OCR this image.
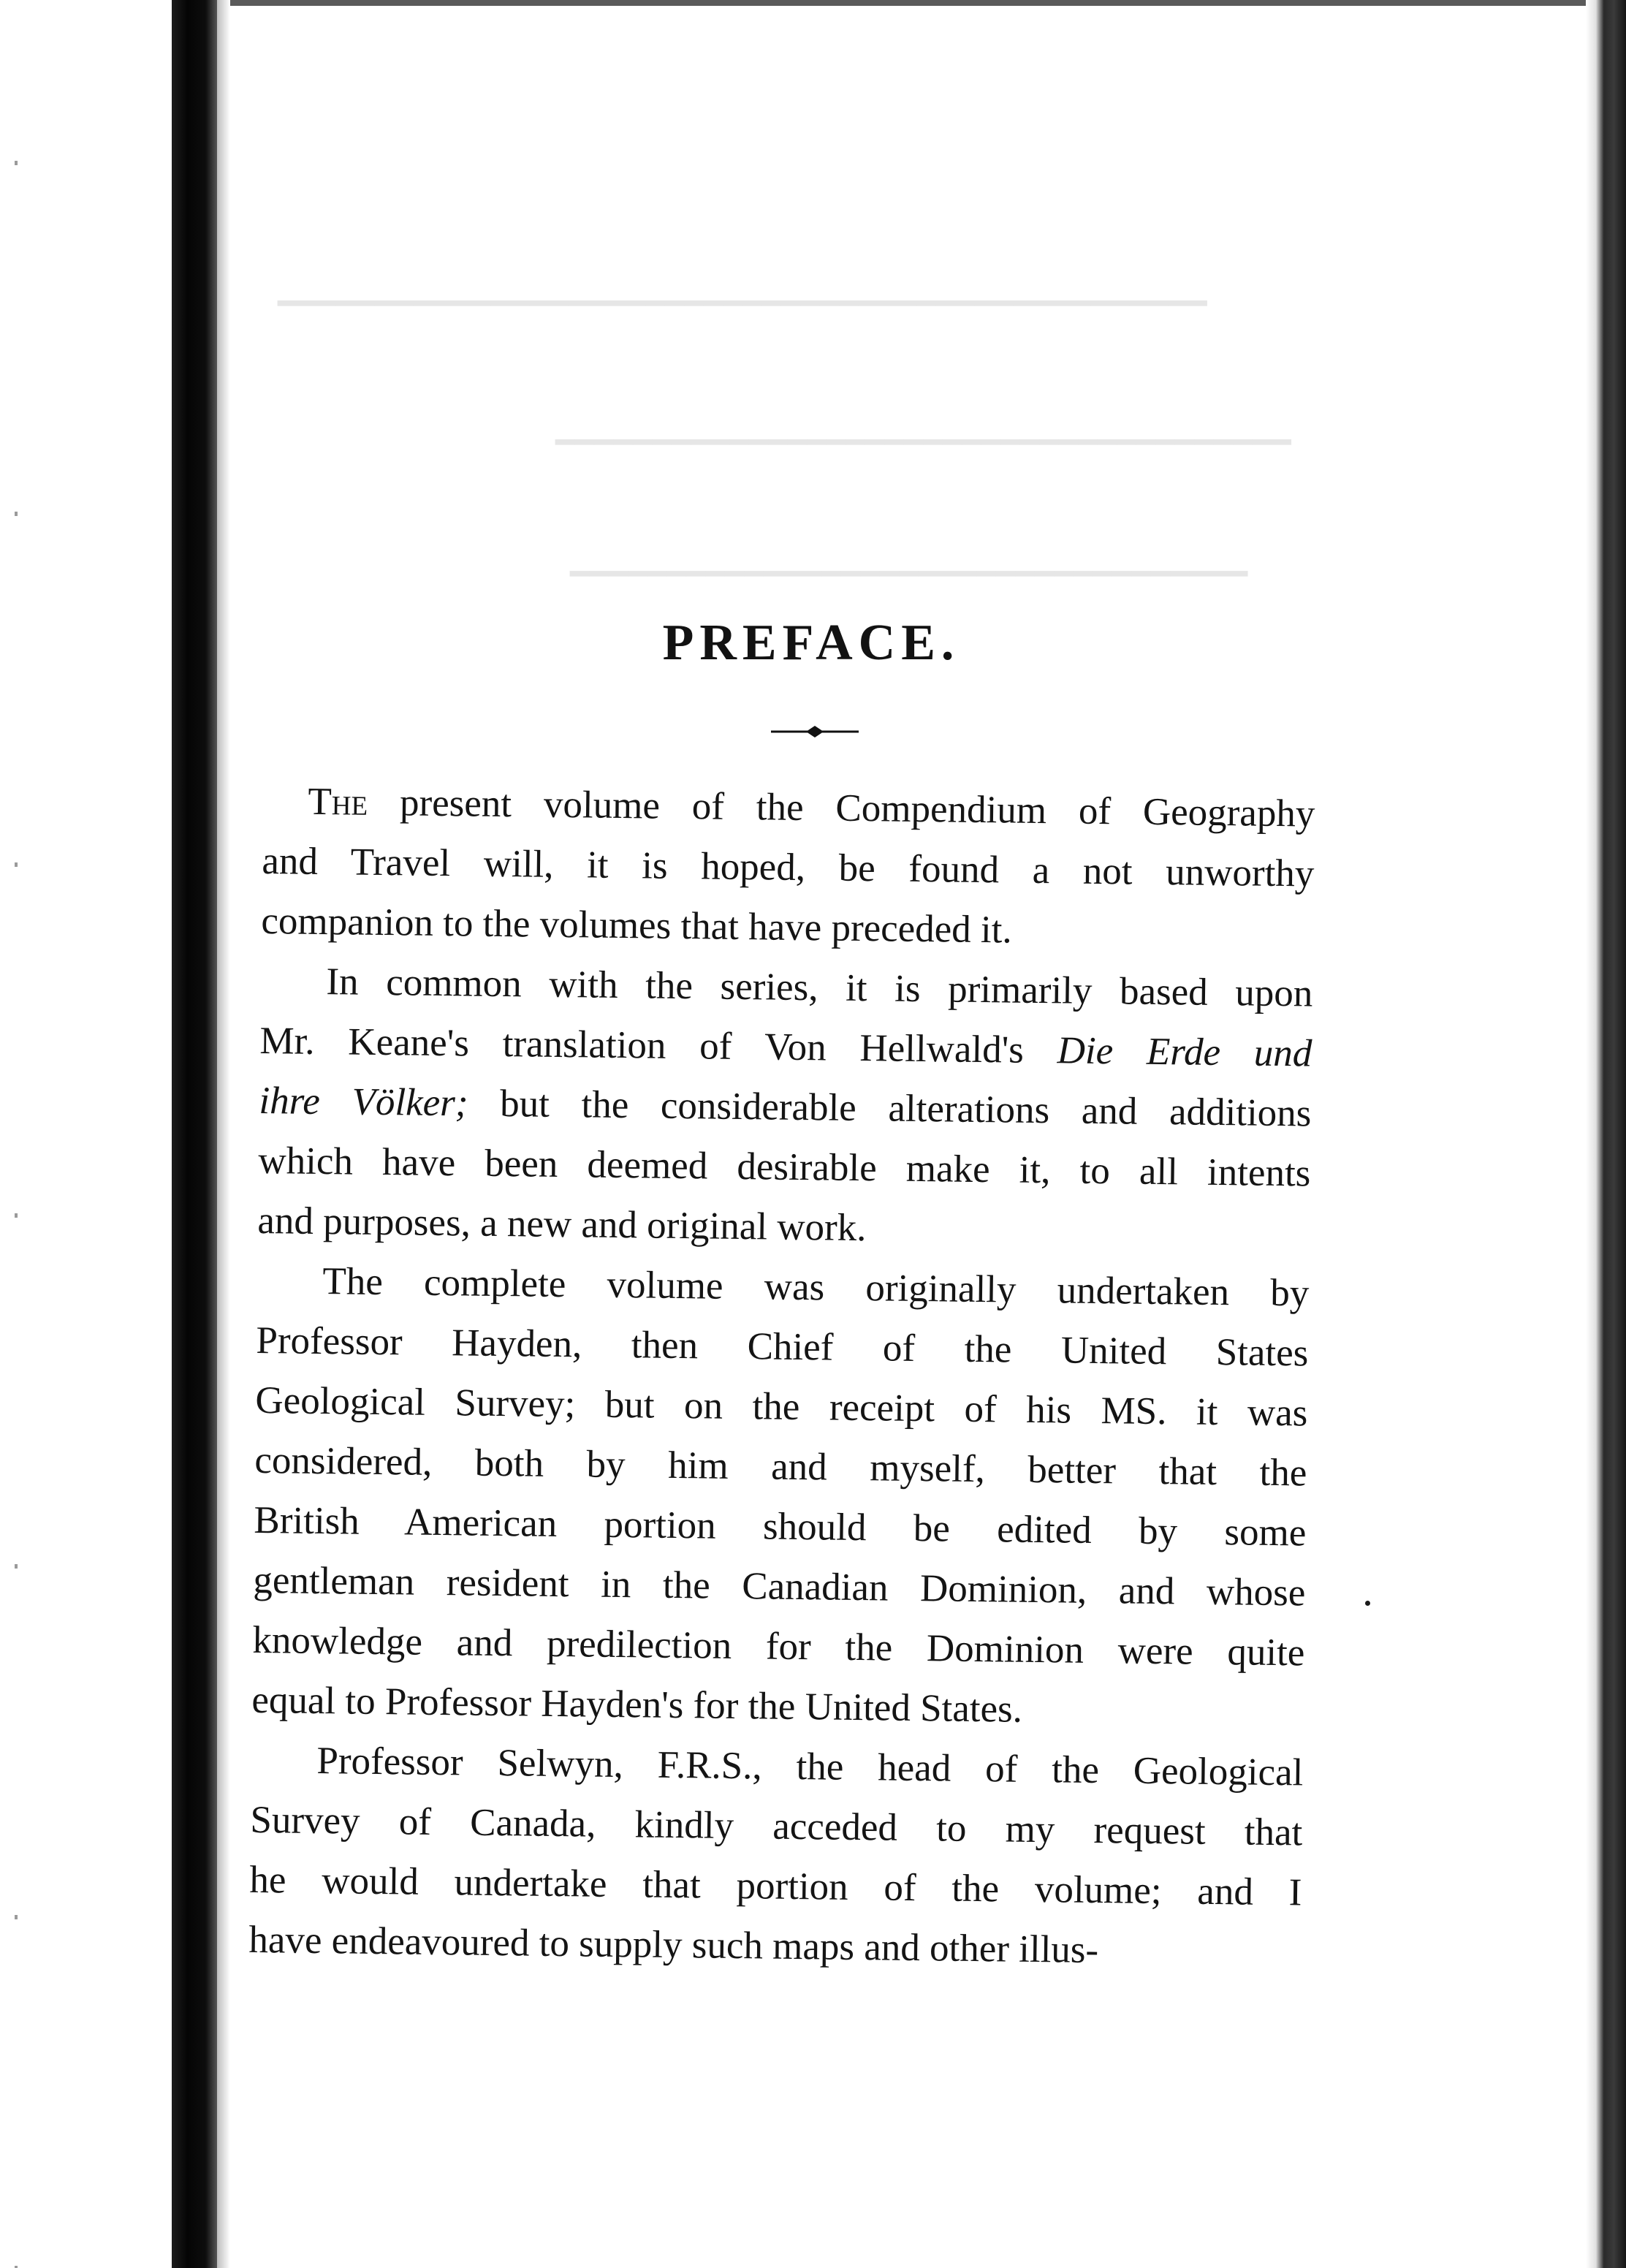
━━━━━━━━━━━━━━━━━━━━━━━━━━━━━━━━━━━━━━━━━━━━━━━━
━━━━━━━━━━━━━━━━━━━━━━━━━━━━━━━━━━━━━━
━━━━━━━━━━━━━━━━━━━━━━━━━━━━━━━━━━━
PREFACE.
The present volume of the Compendium of Geography
and Travel will, it is hoped, be found a not unworthy
companion to the volumes that have preceded it.
In common with the series, it is primarily based upon
Mr. Keane's translation of Von Hellwald's Die Erde und
ihre Völker; but the considerable alterations and additions
which have been deemed desirable make it, to all intents
and purposes, a new and original work.
The complete volume was originally undertaken by
Professor Hayden, then Chief of the United States
Geological Survey; but on the receipt of his MS. it was
considered, both by him and myself, better that the
British American portion should be edited by some
gentleman resident in the Canadian Dominion, and whose
knowledge and predilection for the Dominion were quite
equal to Professor Hayden's for the United States.
Professor Selwyn, F.R.S., the head of the Geological
Survey of Canada, kindly acceded to my request that
he would undertake that portion of the volume; and I
have endeavoured to supply such maps and other illus-
